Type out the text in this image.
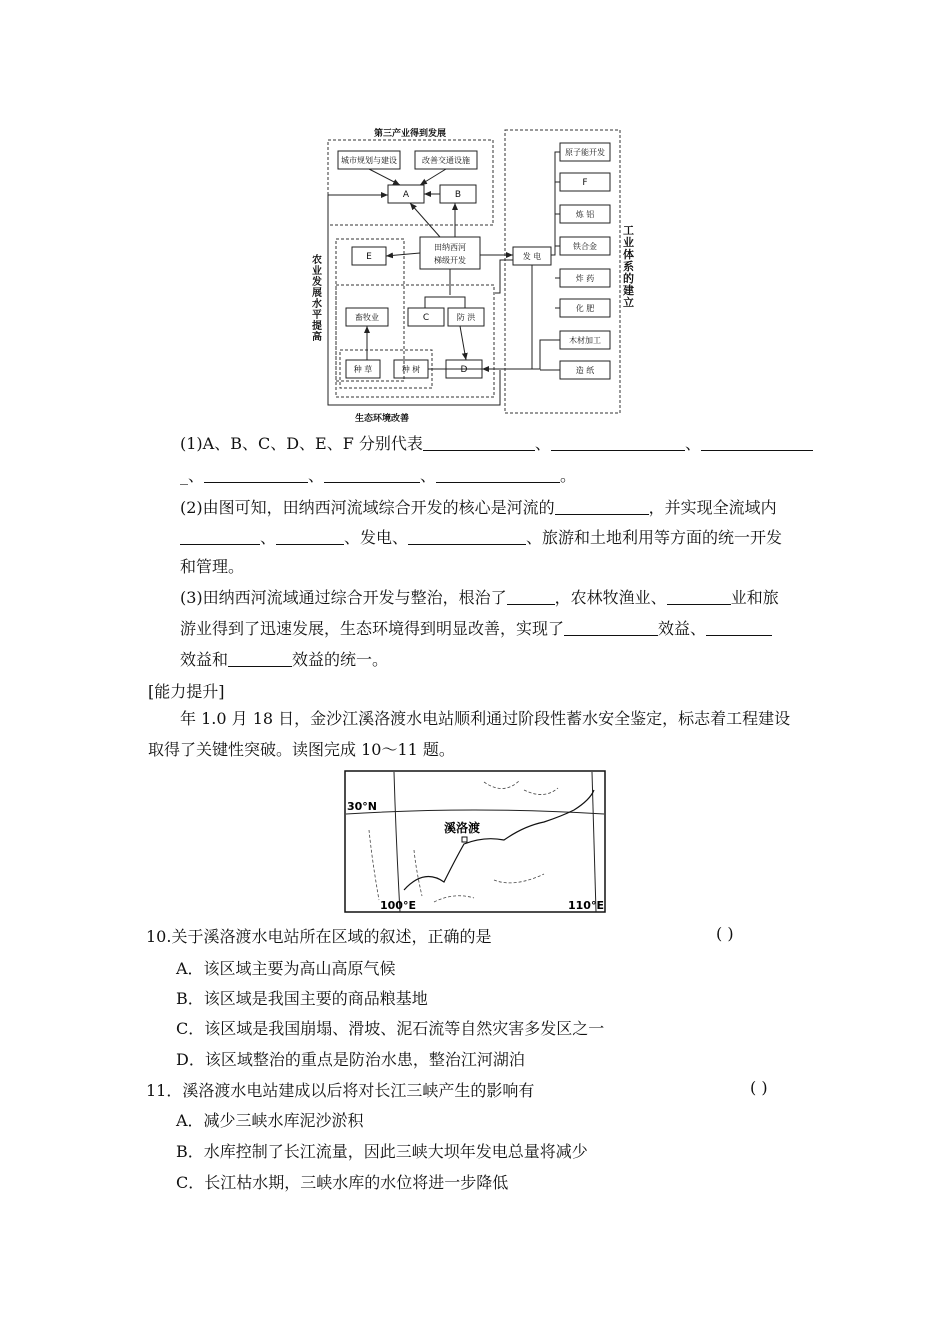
第三产业得到发展
城市规划与建设	改善交通设施
A	B
E
田纳西河
梯级开发	发 电
畜牧业	C	防 洪
D
种 草	种 树
原子能开发
F
炼 铝
铁合金
炸 药
化 肥
木材加工
造 纸
生态环境改善
农业发展水平提高
工业体系的建立
(1)A、B、C、D、E、F 分别代表	、	、
_、	、	、	。
(2)由图可知，田纳西河流域综合开发的核心是河流的	，并实现全流域内
、	、发电、	、旅游和土地利用等方面的统一开发
和管理。
(3)田纳西河流域通过综合开发与整治，根治了	，农林牧渔业、	业和旅
游业得到了迅速发展，生态环境得到明显改善，实现了	效益、
效益和	效益的统一。
[能力提升]
年 1.0 月 18 日，金沙江溪洛渡水电站顺利通过阶段性蓄水安全鉴定，标志着工程建设
取得了关键性突破。读图完成 10～11 题。
30°N
溪洛渡
100°E	110°E
10.关于溪洛渡水电站所在区域的叙述，正确的是	( )
A．该区域主要为高山高原气候
B．该区域是我国主要的商品粮基地
C．该区域是我国崩塌、滑坡、泥石流等自然灾害多发区之一
D．该区域整治的重点是防治水患，整治江河湖泊
11．溪洛渡水电站建成以后将对长江三峡产生的影响有	( )
A．减少三峡水库泥沙淤积
B．水库控制了长江流量，因此三峡大坝年发电总量将减少
C．长江枯水期，三峡水库的水位将进一步降低
